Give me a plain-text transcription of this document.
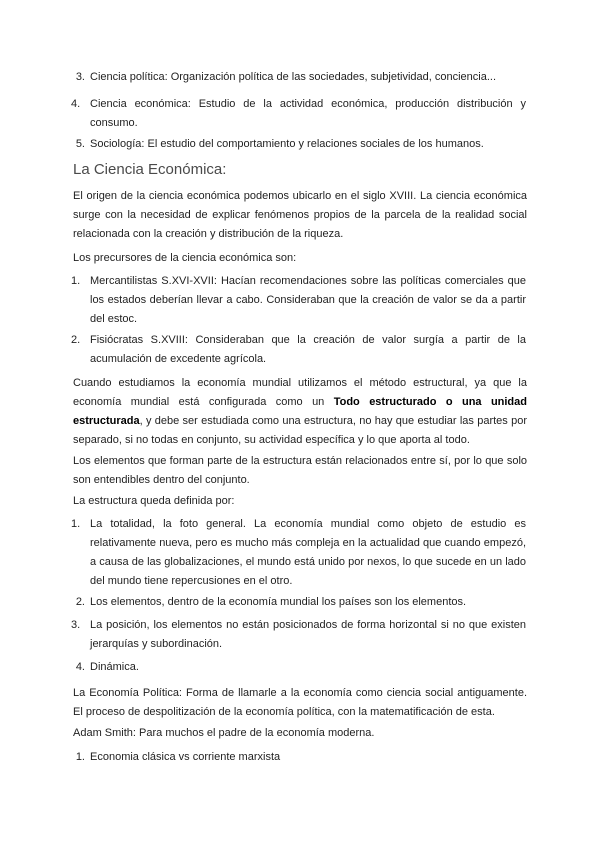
3. Ciencia política: Organización política de las sociedades, subjetividad, conciencia...
4. Ciencia económica: Estudio de la actividad económica, producción distribución y consumo.
5. Sociología: El estudio del comportamiento y relaciones sociales de los humanos.
La Ciencia Económica:
El origen de la ciencia económica podemos ubicarlo en el siglo XVIII. La ciencia económica surge con la necesidad de explicar fenómenos propios de la parcela de la realidad social relacionada con la creación y distribución de la riqueza.
Los precursores de la ciencia económica son:
1. Mercantilistas S.XVI-XVII: Hacían recomendaciones sobre las políticas comerciales que los estados deberían llevar a cabo. Consideraban que la creación de valor se da a partir del estoc.
2. Fisiócratas S.XVIII: Consideraban que la creación de valor surgía a partir de la acumulación de excedente agrícola.
Cuando estudiamos la economía mundial utilizamos el método estructural, ya que la economía mundial está configurada como un Todo estructurado o una unidad estructurada, y debe ser estudiada como una estructura, no hay que estudiar las partes por separado, si no todas en conjunto, su actividad específica y lo que aporta al todo.
Los elementos que forman parte de la estructura están relacionados entre sí, por lo que solo son entendibles dentro del conjunto.
La estructura queda definida por:
1. La totalidad, la foto general. La economía mundial como objeto de estudio es relativamente nueva, pero es mucho más compleja en la actualidad que cuando empezó, a causa de las globalizaciones, el mundo está unido por nexos, lo que sucede en un lado del mundo tiene repercusiones en el otro.
2. Los elementos, dentro de la economía mundial los países son los elementos.
3. La posición, los elementos no están posicionados de forma horizontal si no que existen jerarquías y subordinación.
4. Dinámica.
La Economía Política: Forma de llamarle a la economía como ciencia social antiguamente. El proceso de despolitización de la economía política, con la matematificación de esta.
Adam Smith: Para muchos el padre de la economía moderna.
1. Economia clásica vs corriente marxista
